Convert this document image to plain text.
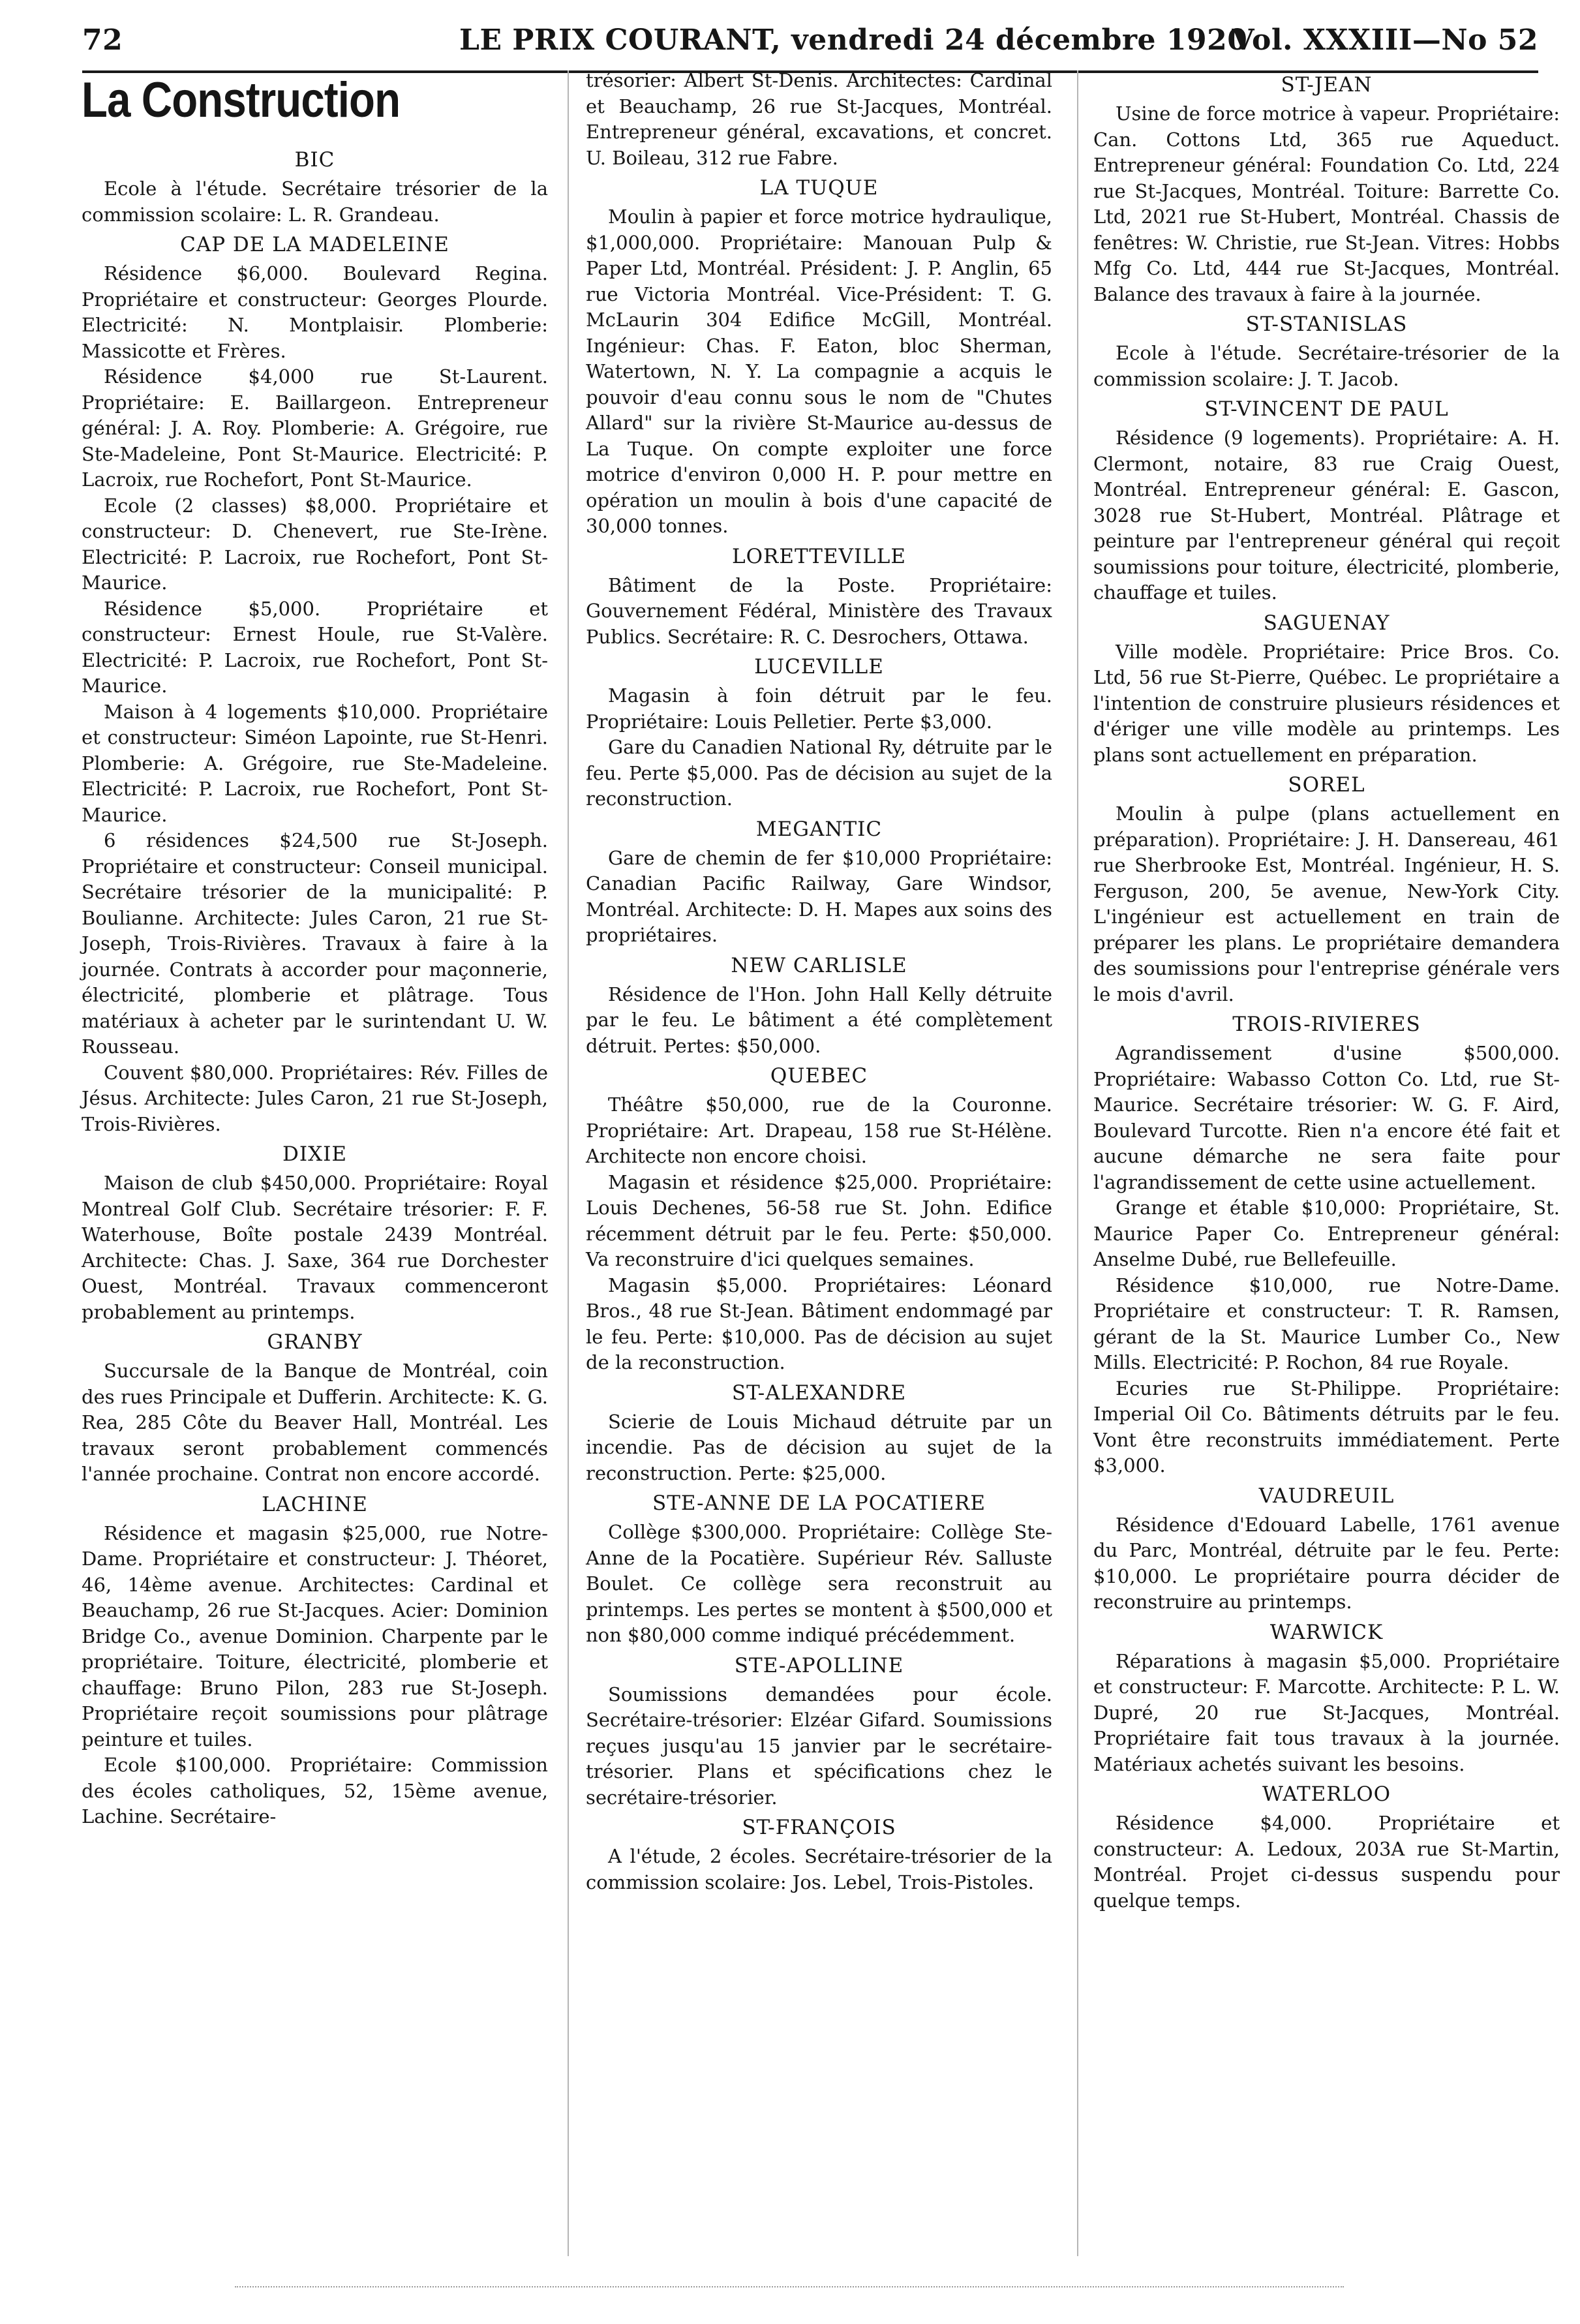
72	LE PRIX COURANT, vendredi 24 décembre 1920
Vol. XXXIII—No 52
La Construction
BIC

Ecole à l'étude. Secrétaire trésorier de la commission scolaire: L. R. Grandeau.

CAP DE LA MADELEINE

Résidence $6,000. Boulevard Regina. Propriétaire et constructeur: Georges Plourde. Electricité: N. Montplaisir. Plomberie: Massicotte et Frères.

Résidence $4,000 rue St-Laurent. Propriétaire: E. Baillargeon. Entrepreneur général: J. A. Roy. Plomberie: A. Grégoire, rue Ste-Madeleine, Pont St-Maurice. Electricité: P. Lacroix, rue Rochefort, Pont St-Maurice.

Ecole (2 classes) $8,000. Propriétaire et constructeur: D. Chenevert, rue Ste-Irène. Electricité: P. Lacroix, rue Rochefort, Pont St-Maurice.

Résidence $5,000. Propriétaire et constructeur: Ernest Houle, rue St-Valère. Electricité: P. Lacroix, rue Rochefort, Pont St-Maurice.

Maison à 4 logements $10,000. Propriétaire et constructeur: Siméon Lapointe, rue St-Henri. Plomberie: A. Grégoire, rue Ste-Madeleine. Electricité: P. Lacroix, rue Rochefort, Pont St-Maurice.

6 résidences $24,500 rue St-Joseph. Propriétaire et constructeur: Conseil municipal. Secrétaire trésorier de la municipalité: P. Boulianne. Architecte: Jules Caron, 21 rue St-Joseph, Trois-Rivières. Travaux à faire à la journée. Contrats à accorder pour maçonnerie, électricité, plomberie et plâtrage. Tous matériaux à acheter par le surintendant U. W. Rousseau.

Couvent $80,000. Propriétaires: Rév. Filles de Jésus. Architecte: Jules Caron, 21 rue St-Joseph, Trois-Rivières.

DIXIE

Maison de club $450,000. Propriétaire: Royal Montreal Golf Club. Secrétaire trésorier: F. F. Waterhouse, Boîte postale 2439 Montréal. Architecte: Chas. J. Saxe, 364 rue Dorchester Ouest, Montréal. Travaux commenceront probablement au printemps.

GRANBY

Succursale de la Banque de Montréal, coin des rues Principale et Dufferin. Architecte: K. G. Rea, 285 Côte du Beaver Hall, Montréal. Les travaux seront probablement commencés l'année prochaine. Contrat non encore accordé.

LACHINE

Résidence et magasin $25,000, rue Notre-Dame. Propriétaire et constructeur: J. Théoret, 46, 14ème avenue. Architectes: Cardinal et Beauchamp, 26 rue St-Jacques. Acier: Dominion Bridge Co., avenue Dominion. Charpente par le propriétaire. Toiture, électricité, plomberie et chauffage: Bruno Pilon, 283 rue St-Joseph. Propriétaire reçoit soumissions pour plâtrage peinture et tuiles.

Ecole $100,000. Propriétaire: Commission des écoles catholiques, 52, 15ème avenue, Lachine. Secrétaire-

trésorier: Albert St-Denis. Architectes: Cardinal et Beauchamp, 26 rue St-Jacques, Montréal. Entrepreneur général, excavations, et concret. U. Boileau, 312 rue Fabre.

LA TUQUE

Moulin à papier et force motrice hydraulique, $1,000,000. Propriétaire: Manouan Pulp & Paper Ltd, Montréal. Président: J. P. Anglin, 65 rue Victoria Montréal. Vice-Président: T. G. McLaurin 304 Edifice McGill, Montréal. Ingénieur: Chas. F. Eaton, bloc Sherman, Watertown, N. Y. La compagnie a acquis le pouvoir d'eau connu sous le nom de "Chutes Allard" sur la rivière St-Maurice au-dessus de La Tuque. On compte exploiter une force motrice d'environ 0,000 H. P. pour mettre en opération un moulin à bois d'une capacité de 30,000 tonnes.

LORETTEVILLE

Bâtiment de la Poste. Propriétaire: Gouvernement Fédéral, Ministère des Travaux Publics. Secrétaire: R. C. Desrochers, Ottawa.

LUCEVILLE

Magasin à foin détruit par le feu. Propriétaire: Louis Pelletier. Perte $3,000.

Gare du Canadien National Ry, détruite par le feu. Perte $5,000. Pas de décision au sujet de la reconstruction.

MEGANTIC

Gare de chemin de fer $10,000 Propriétaire: Canadian Pacific Railway, Gare Windsor, Montréal. Architecte: D. H. Mapes aux soins des propriétaires.

NEW CARLISLE

Résidence de l'Hon. John Hall Kelly détruite par le feu. Le bâtiment a été complètement détruit. Pertes: $50,000.

QUEBEC

Théâtre $50,000, rue de la Couronne. Propriétaire: Art. Drapeau, 158 rue St-Hélène. Architecte non encore choisi.

Magasin et résidence $25,000. Propriétaire: Louis Dechenes, 56-58 rue St. John. Edifice récemment détruit par le feu. Perte: $50,000. Va reconstruire d'ici quelques semaines.

Magasin $5,000. Propriétaires: Léonard Bros., 48 rue St-Jean. Bâtiment endommagé par le feu. Perte: $10,000. Pas de décision au sujet de la reconstruction.

ST-ALEXANDRE

Scierie de Louis Michaud détruite par un incendie. Pas de décision au sujet de la reconstruction. Perte: $25,000.

STE-ANNE DE LA POCATIERE

Collège $300,000. Propriétaire: Collège Ste-Anne de la Pocatière. Supérieur Rév. Salluste Boulet. Ce collège sera reconstruit au printemps. Les pertes se montent à $500,000 et non $80,000 comme indiqué précédemment.

STE-APOLLINE

Soumissions demandées pour école. Secrétaire-trésorier: Elzéar Gifard. Soumissions reçues jusqu'au 15 janvier par le secrétaire-trésorier. Plans et spécifications chez le secrétaire-trésorier.

ST-FRANÇOIS

A l'étude, 2 écoles. Secrétaire-trésorier de la commission scolaire: Jos. Lebel, Trois-Pistoles.

ST-JEAN

Usine de force motrice à vapeur. Propriétaire: Can. Cottons Ltd, 365 rue Aqueduct. Entrepreneur général: Foundation Co. Ltd, 224 rue St-Jacques, Montréal. Toiture: Barrette Co. Ltd, 2021 rue St-Hubert, Montréal. Chassis de fenêtres: W. Christie, rue St-Jean. Vitres: Hobbs Mfg Co. Ltd, 444 rue St-Jacques, Montréal. Balance des travaux à faire à la journée.

ST-STANISLAS

Ecole à l'étude. Secrétaire-trésorier de la commission scolaire: J. T. Jacob.

ST-VINCENT DE PAUL

Résidence (9 logements). Propriétaire: A. H. Clermont, notaire, 83 rue Craig Ouest, Montréal. Entrepreneur général: E. Gascon, 3028 rue St-Hubert, Montréal. Plâtrage et peinture par l'entrepreneur général qui reçoit soumissions pour toiture, électricité, plomberie, chauffage et tuiles.

SAGUENAY

Ville modèle. Propriétaire: Price Bros. Co. Ltd, 56 rue St-Pierre, Québec. Le propriétaire a l'intention de construire plusieurs résidences et d'ériger une ville modèle au printemps. Les plans sont actuellement en préparation.

SOREL

Moulin à pulpe (plans actuellement en préparation). Propriétaire: J. H. Dansereau, 461 rue Sherbrooke Est, Montréal. Ingénieur, H. S. Ferguson, 200, 5e avenue, New-York City. L'ingénieur est actuellement en train de préparer les plans. Le propriétaire demandera des soumissions pour l'entreprise générale vers le mois d'avril.

TROIS-RIVIERES

Agrandissement d'usine $500,000. Propriétaire: Wabasso Cotton Co. Ltd, rue St-Maurice. Secrétaire trésorier: W. G. F. Aird, Boulevard Turcotte. Rien n'a encore été fait et aucune démarche ne sera faite pour l'agrandissement de cette usine actuellement.

Grange et étable $10,000: Propriétaire, St. Maurice Paper Co. Entrepreneur général: Anselme Dubé, rue Bellefeuille.

Résidence $10,000, rue Notre-Dame. Propriétaire et constructeur: T. R. Ramsen, gérant de la St. Maurice Lumber Co., New Mills. Electricité: P. Rochon, 84 rue Royale.

Ecuries rue St-Philippe. Propriétaire: Imperial Oil Co. Bâtiments détruits par le feu. Vont être reconstruits immédiatement. Perte $3,000.

VAUDREUIL

Résidence d'Edouard Labelle, 1761 avenue du Parc, Montréal, détruite par le feu. Perte: $10,000. Le propriétaire pourra décider de reconstruire au printemps.

WARWICK

Réparations à magasin $5,000. Propriétaire et constructeur: F. Marcotte. Architecte: P. L. W. Dupré, 20 rue St-Jacques, Montréal. Propriétaire fait tous travaux à la journée. Matériaux achetés suivant les besoins.

WATERLOO

Résidence $4,000. Propriétaire et constructeur: A. Ledoux, 203A rue St-Martin, Montréal. Projet ci-dessus suspendu pour quelque temps.
